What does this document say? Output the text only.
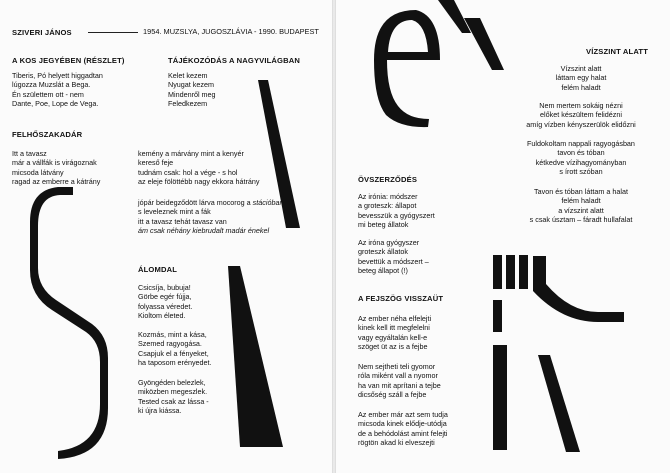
SZIVERI JÁNOS	1954. MUZSLYA, JUGOSZLÁVIA - 1990. BUDAPEST
A KOS JEGYÉBEN (RÉSZLET)
Tiberis, Pó helyett higgadtan
lúgozza Muzslát a Bega.
Én születtem ott - nem
Dante, Poe, Lope de Vega.
TÁJÉKOZÓDÁS A NAGYVILÁGBAN
Kelet kezem
Nyugat kezem
Mindenről meg
Feledkezem
FELHŐSZAKADÁR
Itt a tavasz
már a vállfák is virágoznak
micsoda látvány
ragad az emberre a kátrány
kemény a márvány mint a kenyér
kereső feje
tudnám csak: hol a vége - s hol
az eleje fölöttébb nagy ekkora hátrány
jópár beidegződött lárva mocorog a stációban
s leveleznek mint a fák
itt a tavasz tehát tavasz van
ám csak néhány kiebrudalt madár énekel
ÁLOMDAL
Csicsíja, bubuja!
Görbe egér fújja,
folyassa véredet.
Kioltom életed.
Kozmás, mint a kása,
Szemed ragyogása.
Csapjuk el a fényeket,
ha taposom erényedet.
Gyöngéden belezlek,
miközben megeszlek.
Tested csak az lássa -
ki újra kiássa.
VÍZSZINT ALATT
Vízszint alatt
láttam egy halat
felém haladt
Nem mertem sokáig nézni
előket készültem felidézni
amíg vízben kényszerülök elidőzni
Fuldokoltam nappali ragyogásban
tavon és tóban
kétkedve vízihagyományban
s írott szóban
Tavon és tóban láttam a halat
felém haladt
a vízszint alatt
s csak úsztam – fáradt hullafalat
ÖVSZERZŐDÉS
Az irónia: módszer
a groteszk: állapot
bevesszük a gyógyszert
mi beteg állatok
Az iróna gyógyszer
groteszk állatok
bevettük a módszert –
beteg állapot (!)
A FEJSZÖG VISSZAÜT
Az ember néha elfelejti
kinek kell itt megfelelni
vagy egyáltalán kell-e
szöget üt az is a fejbe
Nem sejtheti teli gyomor
róla miként vall a nyomor
ha van mit aprítani a tejbe
dicsőség száll a fejbe
Az ember már azt sem tudja
micsoda kinek elődje-utódja
de a behódolást amint felejti
rögtön akad ki elveszejti
